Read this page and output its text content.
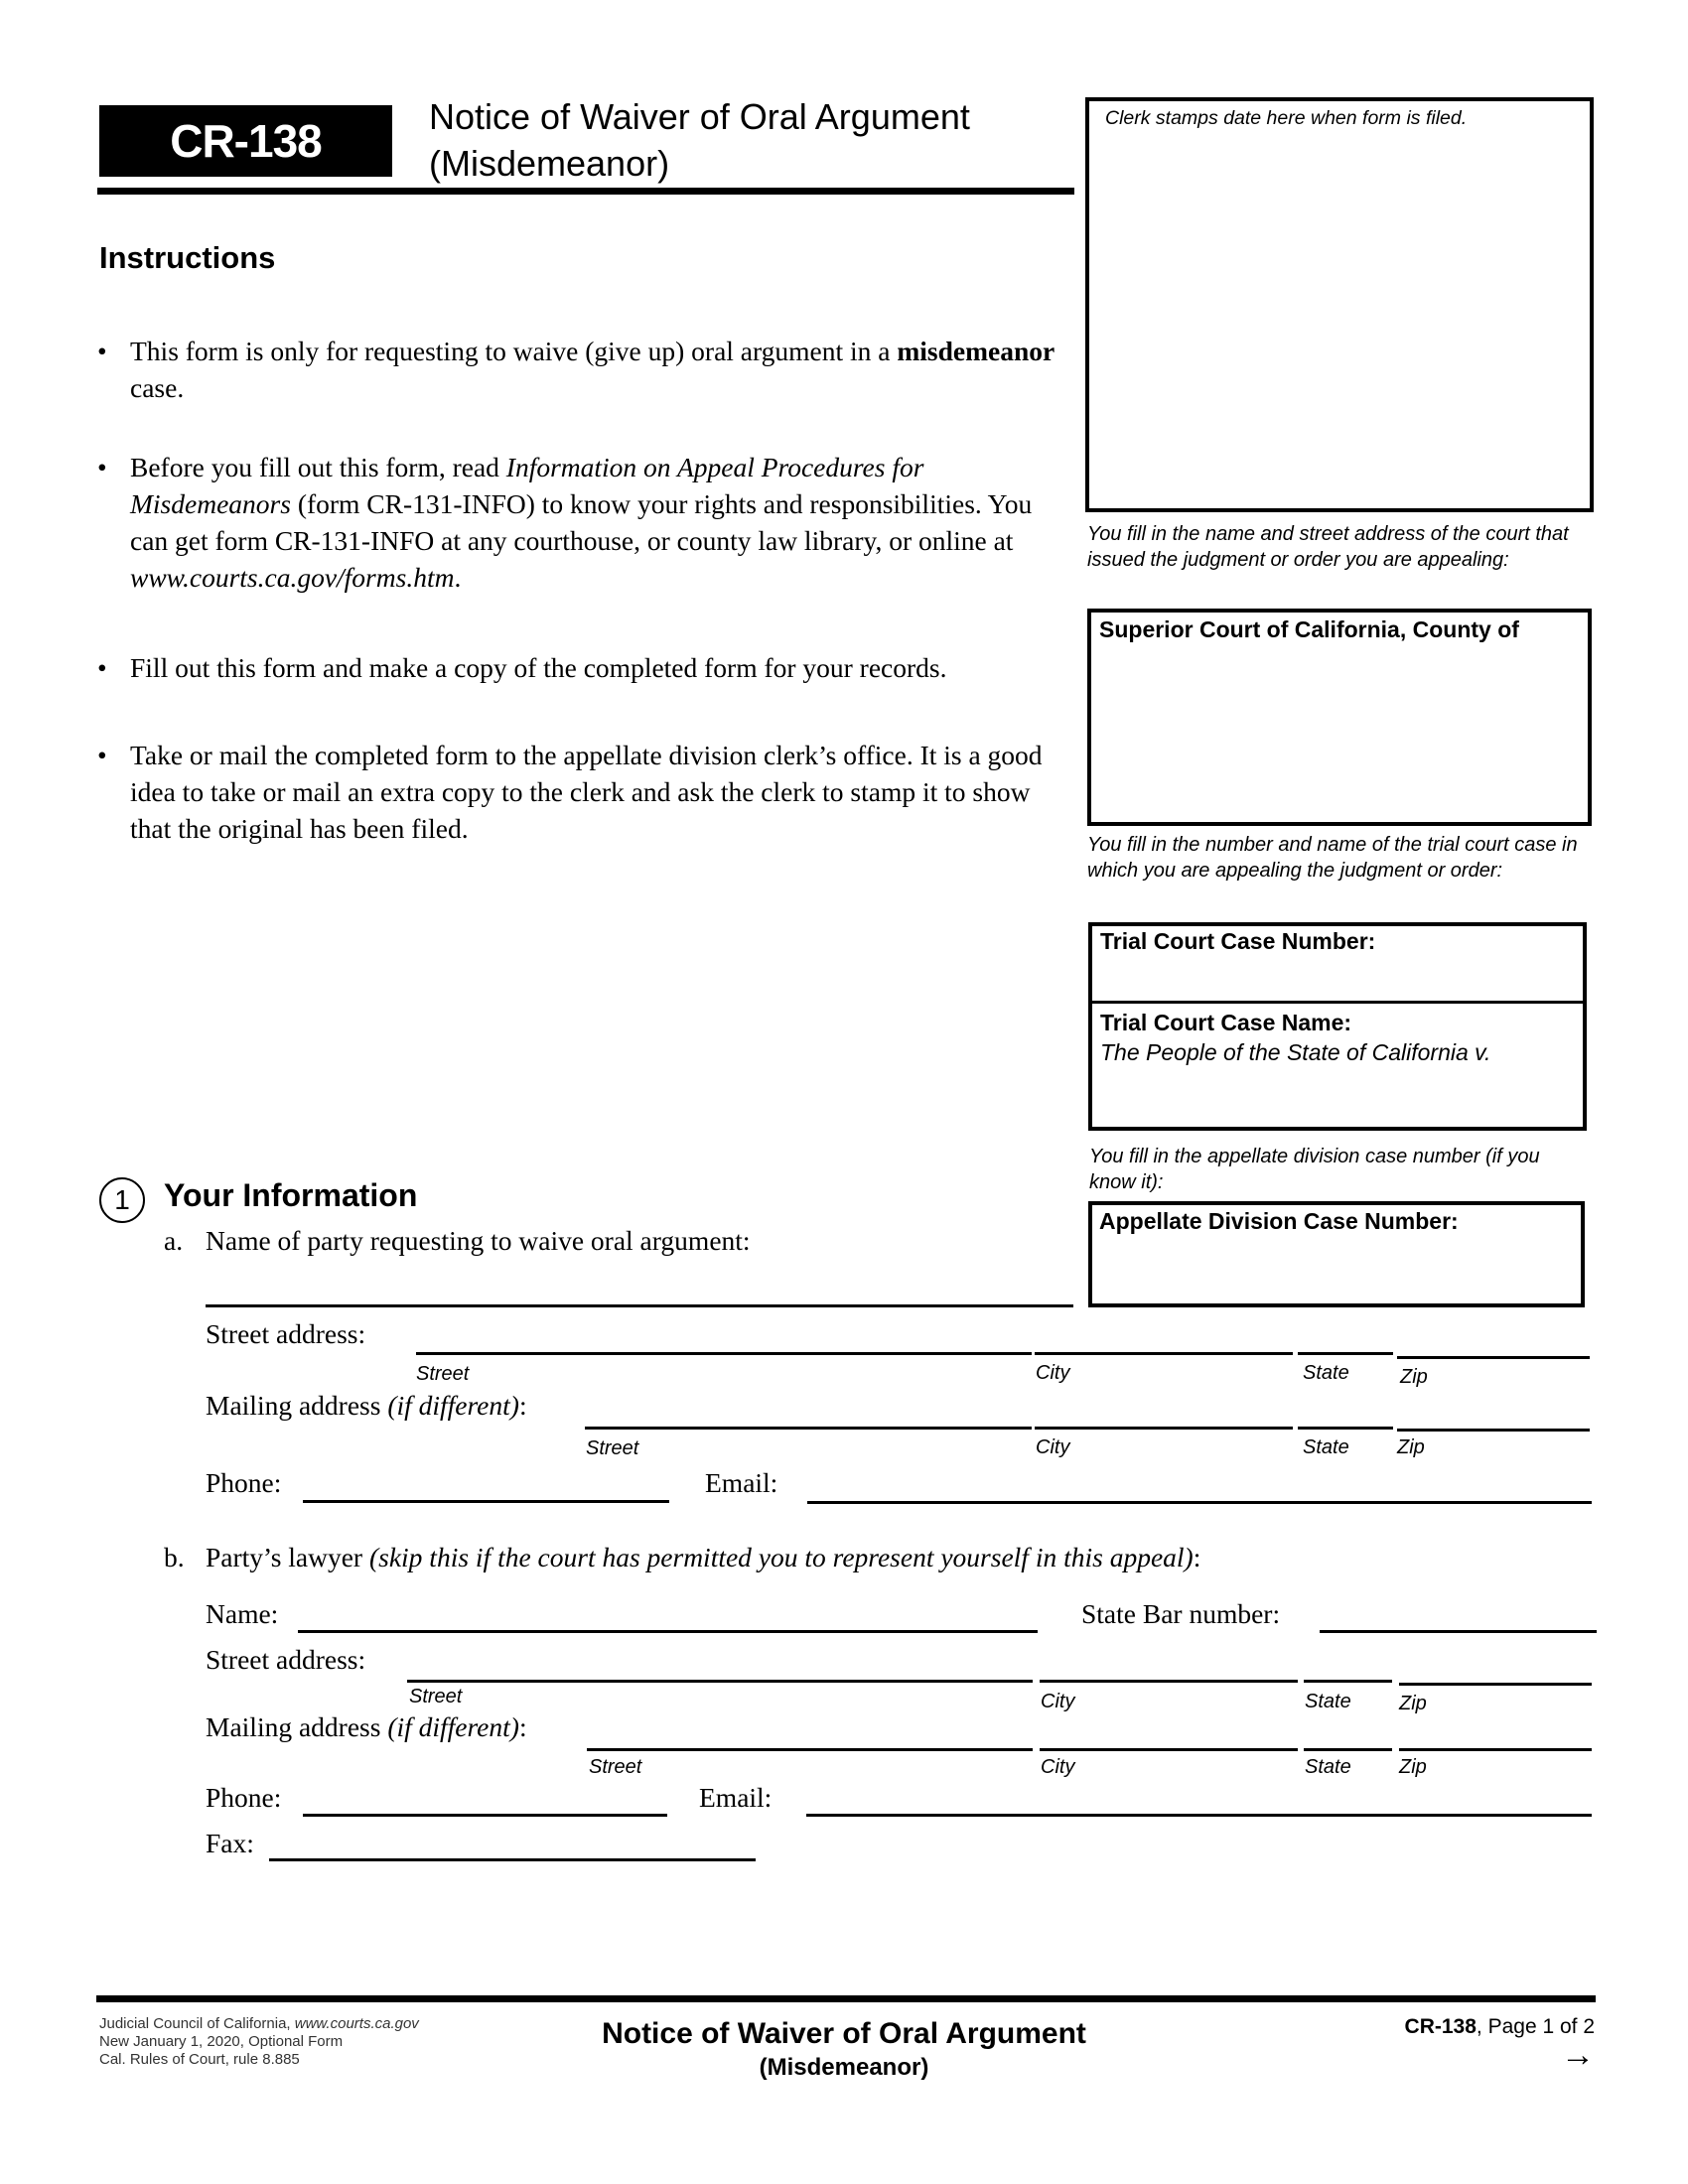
CR-138	Notice of Waiver of Oral Argument
(Misdemeanor)
Instructions
• This form is only for requesting to waive (give up) oral argument in a misdemeanor case.
• Before you fill out this form, read Information on Appeal Procedures for Misdemeanors (form CR-131-INFO) to know your rights and responsibilities. You can get form CR-131-INFO at any courthouse, or county law library, or online at www.courts.ca.gov/forms.htm.
• Fill out this form and make a copy of the completed form for your records.
• Take or mail the completed form to the appellate division clerk’s office. It is a good idea to take or mail an extra copy to the clerk and ask the clerk to stamp it to show that the original has been filed.
Clerk stamps date here when form is filed.
You fill in the name and street address of the court that issued the judgment or order you are appealing:
Superior Court of California, County of
You fill in the number and name of the trial court case in which you are appealing the judgment or order:
Trial Court Case Number:
Trial Court Case Name:
The People of the State of California v.
You fill in the appellate division case number (if you know it):
Appellate Division Case Number:
1	Your Information
a. Name of party requesting to waive oral argument:
Street address:
Street	City	State	Zip
Mailing address (if different):
Street	City	State Zip
Phone:	Email:
b. Party’s lawyer (skip this if the court has permitted you to represent yourself in this appeal):
Name:	State Bar number:
Street address:
Street	City	State Zip
Mailing address (if different):
Street	City	State Zip
Phone:	Email:
Fax:
Judicial Council of California, www.courts.ca.gov
New January 1, 2020, Optional Form
Cal. Rules of Court, rule 8.885
Notice of Waiver of Oral Argument
(Misdemeanor)
CR-138, Page 1 of 2
→
